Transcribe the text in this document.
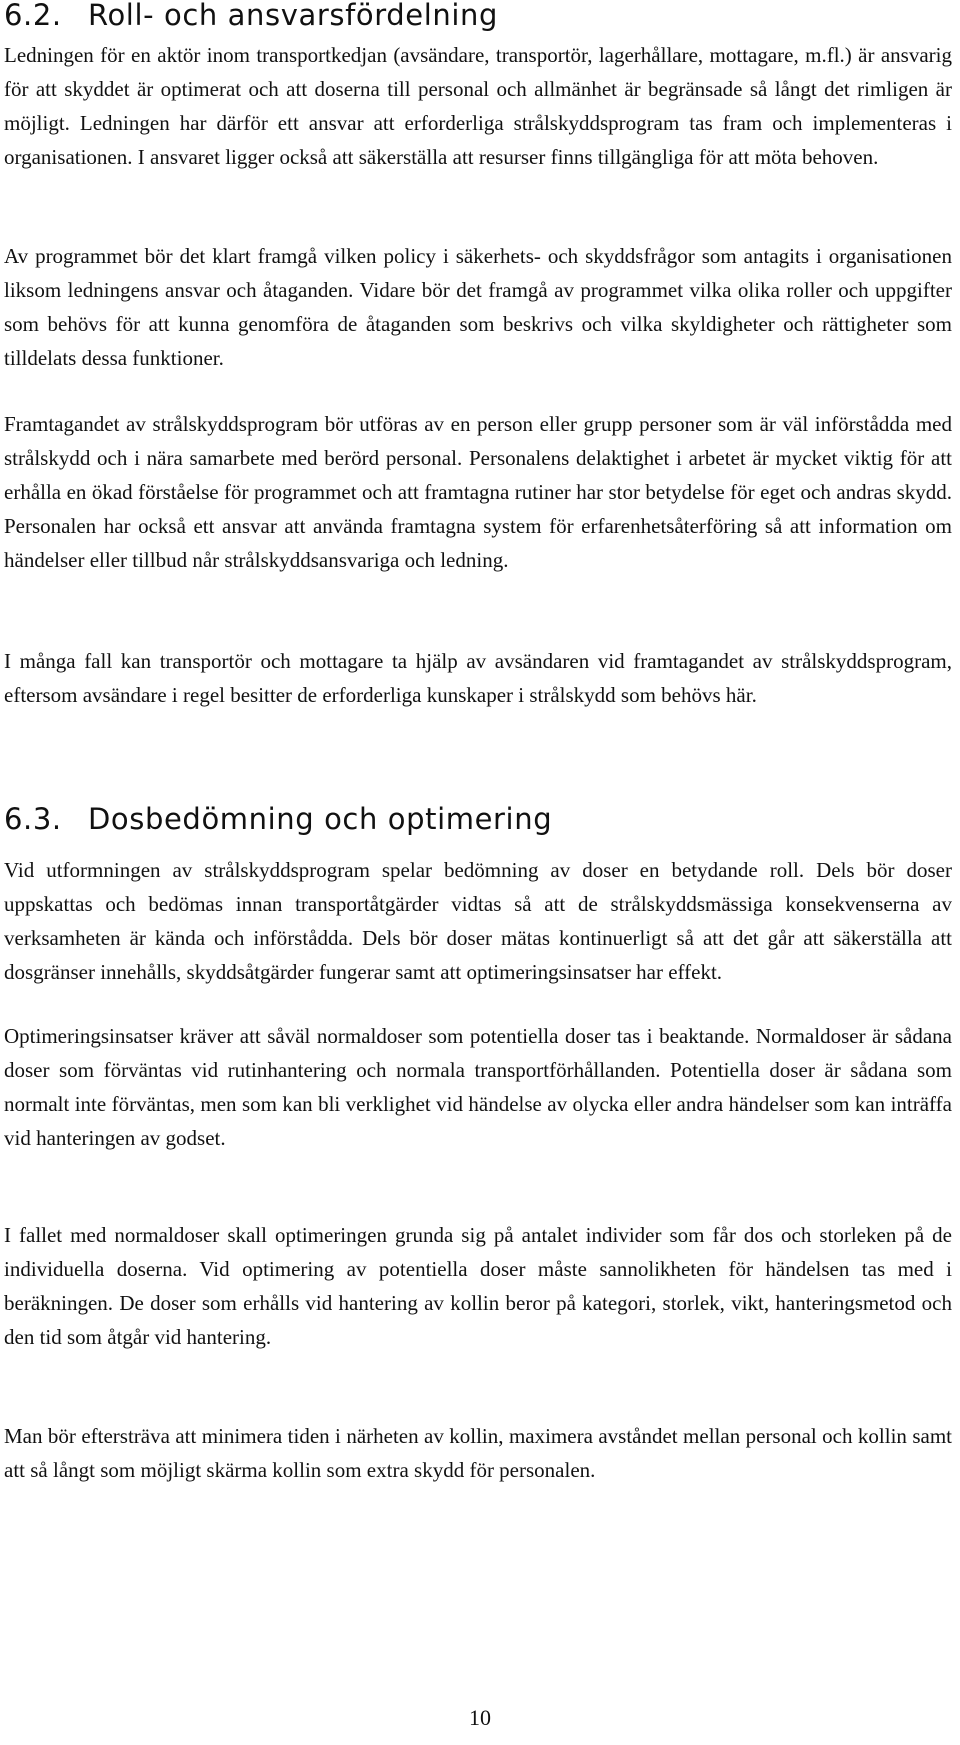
6.2. Roll- och ansvarsfördelning

Ledningen för en aktör inom transportkedjan (avsändare, transportör, lagerhållare, mottagare, m.fl.) är ansvarig för att skyddet är optimerat och att doserna till personal och allmänhet är begränsade så långt det rimligen är möjligt. Ledningen har därför ett ansvar att erforderliga strålskyddsprogram tas fram och implementeras i organisationen. I ansvaret ligger också att säkerställa att resurser finns tillgängliga för att möta behoven.

Av programmet bör det klart framgå vilken policy i säkerhets- och skyddsfrågor som antagits i organisationen liksom ledningens ansvar och åtaganden. Vidare bör det framgå av programmet vilka olika roller och uppgifter som behövs för att kunna genomföra de åtaganden som beskrivs och vilka skyldigheter och rättigheter som tilldelats dessa funktioner.

Framtagandet av strålskyddsprogram bör utföras av en person eller grupp personer som är väl införstådda med strålskydd och i nära samarbete med berörd personal. Personalens delaktighet i arbetet är mycket viktig för att erhålla en ökad förståelse för programmet och att framtagna rutiner har stor betydelse för eget och andras skydd. Personalen har också ett ansvar att använda framtagna system för erfarenhetsåterföring så att information om händelser eller tillbud når strålskyddsansvariga och ledning.

I många fall kan transportör och mottagare ta hjälp av avsändaren vid framtagandet av strålskyddsprogram, eftersom avsändare i regel besitter de erforderliga kunskaper i strålskydd som behövs här.

6.3. Dosbedömning och optimering

Vid utformningen av strålskyddsprogram spelar bedömning av doser en betydande roll. Dels bör doser uppskattas och bedömas innan transportåtgärder vidtas så att de strålskyddsmässiga konsekvenserna av verksamheten är kända och införstådda. Dels bör doser mätas kontinuerligt så att det går att säkerställa att dosgränser innehålls, skyddsåtgärder fungerar samt att optimeringsinsatser har effekt.

Optimeringsinsatser kräver att såväl normaldoser som potentiella doser tas i beaktande. Normaldoser är sådana doser som förväntas vid rutinhantering och normala transportförhållanden. Potentiella doser är sådana som normalt inte förväntas, men som kan bli verklighet vid händelse av olycka eller andra händelser som kan inträffa vid hanteringen av godset.

I fallet med normaldoser skall optimeringen grunda sig på antalet individer som får dos och storleken på de individuella doserna. Vid optimering av potentiella doser måste sannolikheten för händelsen tas med i beräkningen. De doser som erhålls vid hantering av kollin beror på kategori, storlek, vikt, hanteringsmetod och den tid som åtgår vid hantering.

Man bör eftersträva att minimera tiden i närheten av kollin, maximera avståndet mellan personal och kollin samt att så långt som möjligt skärma kollin som extra skydd för personalen.

10
